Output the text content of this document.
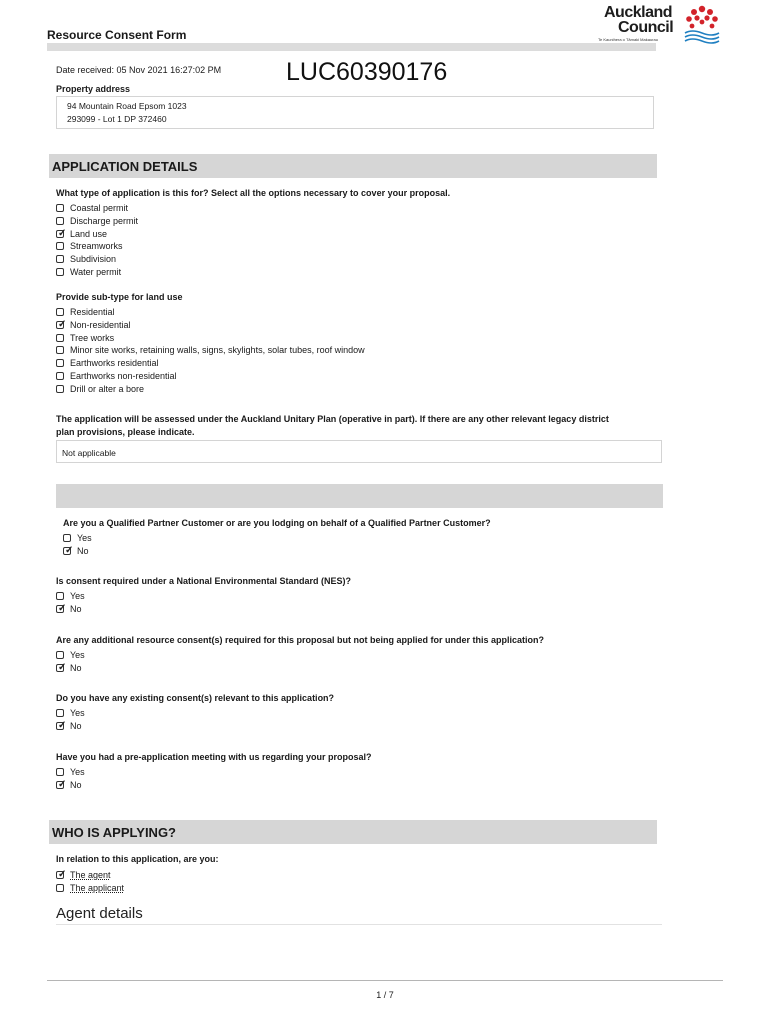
Resource Consent Form
Auckland
Council
Te Kaunihera o Tāmaki Makaurau
Date received: 05 Nov 2021 16:27:02 PM	LUC60390176
Property address
94 Mountain Road Epsom 1023
293099 - Lot 1 DP 372460
APPLICATION DETAILS
What type of application is this for? Select all the options necessary to cover your proposal.
Coastal permit
Discharge permit
✓ Land use
Streamworks
Subdivision
Water permit
Provide sub-type for land use
Residential
✓ Non-residential
Tree works
Minor site works, retaining walls, signs, skylights, solar tubes, roof window
Earthworks residential
Earthworks non-residential
Drill or alter a bore
The application will be assessed under the Auckland Unitary Plan (operative in part). If there are any other relevant legacy district
plan provisions, please indicate.
Not applicable
Are you a Qualified Partner Customer or are you lodging on behalf of a Qualified Partner Customer?
Yes
✓ No
Is consent required under a National Environmental Standard (NES)?
Yes
✓ No
Are any additional resource consent(s) required for this proposal but not being applied for under this application?
Yes
✓ No
Do you have any existing consent(s) relevant to this application?
Yes
✓ No
Have you had a pre-application meeting with us regarding your proposal?
Yes
✓ No
WHO IS APPLYING?
In relation to this application, are you:
✓ The agent
The applicant
Agent details
1 / 7
